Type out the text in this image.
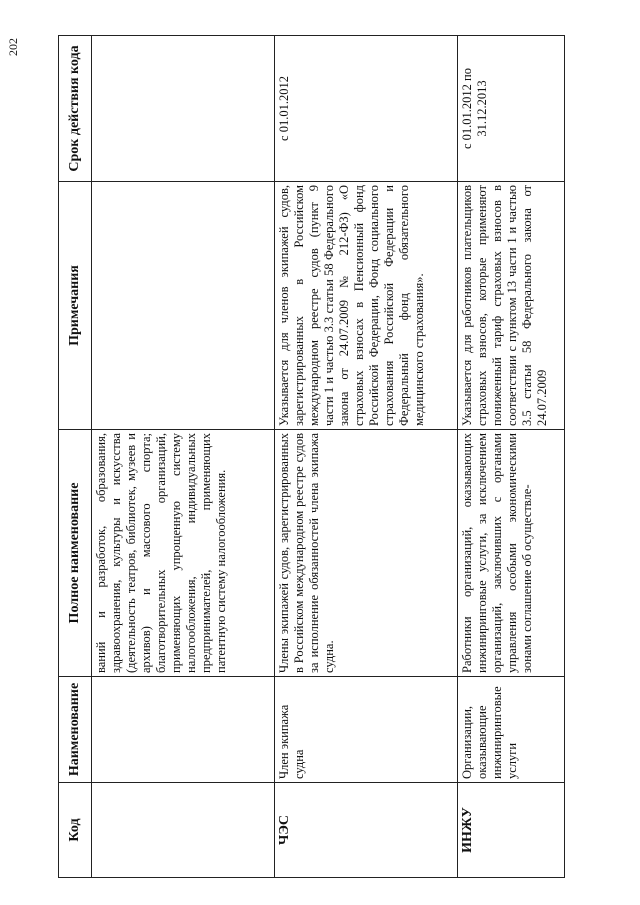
202
Код	Наименование	Полное наименование	Примечания	Срок действия кода

		ваний и разработок, образования, здравоохранения, культуры и искусства (деятельность театров, библиотек, музеев и архивов) и массового спорта; благотворительных организаций, применяющих упрощенную систему налогообложения, индивидуальных предпринимателей, применяющих патентную систему налогообложения.		

ЧЭС	Член экипажа судна	Члены экипажей судов, зарегистрированных в Российском международном реестре судов за исполнение обязанностей члена экипажа судна.	Указывается для членов экипажей судов, зарегистрированных в Российском международном реестре судов (пункт 9 части 1 и частью 3.3 статьи 58 Федерального закона от 24.07.2009 № 212-ФЗ) «О страховых взносах в Пенсионный фонд Российской Федерации, Фонд социального страхования Российской Федерации и Федеральный фонд обязательного медицинского страхования».	с 01.01.2012
ИНЖУ	Организации, оказывающие инжиниринговые услуги	Работники организаций, оказывающих инжиниринговые услуги, за исключением организаций, заключивших с органами управления особыми экономическими зонами соглашение об осуществле-	Указывается для работников плательщиков страховых взносов, которые применяют пониженный тариф страховых взносов в соответствии с пунктом 13 части 1 и частью 3.5 статьи 58 Федерального закона от 24.07.2009	с 01.01.2012 по 31.12.2013
